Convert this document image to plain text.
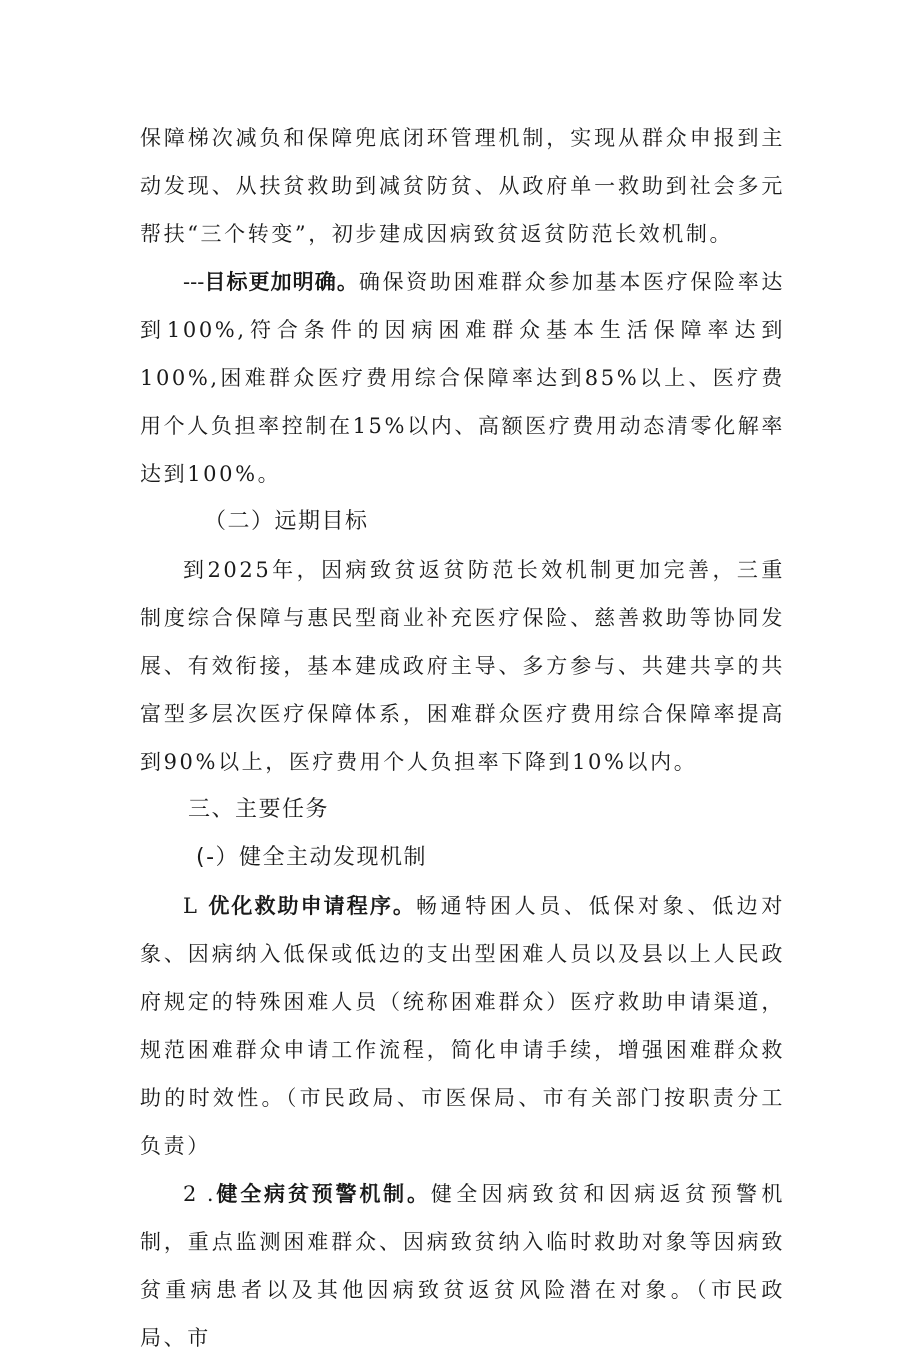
保障梯次减负和保障兜底闭环管理机制，实现从群众申报到主动发现、从扶贫救助到减贫防贫、从政府单一救助到社会多元帮扶“三个转变”，初步建成因病致贫返贫防范长效机制。

---目标更加明确。确保资助困难群众参加基本医疗保险率达到100%,符合条件的因病困难群众基本生活保障率达到100%,困难群众医疗费用综合保障率达到85%以上、医疗费用个人负担率控制在15%以内、高额医疗费用动态清零化解率达到100%。

（二）远期目标

到2025年，因病致贫返贫防范长效机制更加完善，三重制度综合保障与惠民型商业补充医疗保险、慈善救助等协同发展、有效衔接，基本建成政府主导、多方参与、共建共享的共富型多层次医疗保障体系，困难群众医疗费用综合保障率提高到90%以上，医疗费用个人负担率下降到10%以内。

三、主要任务

(-）健全主动发现机制

L 优化救助申请程序。畅通特困人员、低保对象、低边对象、因病纳入低保或低边的支出型困难人员以及县以上人民政府规定的特殊困难人员（统称困难群众）医疗救助申请渠道，规范困难群众申请工作流程，简化申请手续，增强困难群众救助的时效性。（市民政局、市医保局、市有关部门按职责分工负责）

2 .健全病贫预警机制。健全因病致贫和因病返贫预警机制，重点监测困难群众、因病致贫纳入临时救助对象等因病致贫重病患者以及其他因病致贫返贫风险潜在对象。（市民政局、市
